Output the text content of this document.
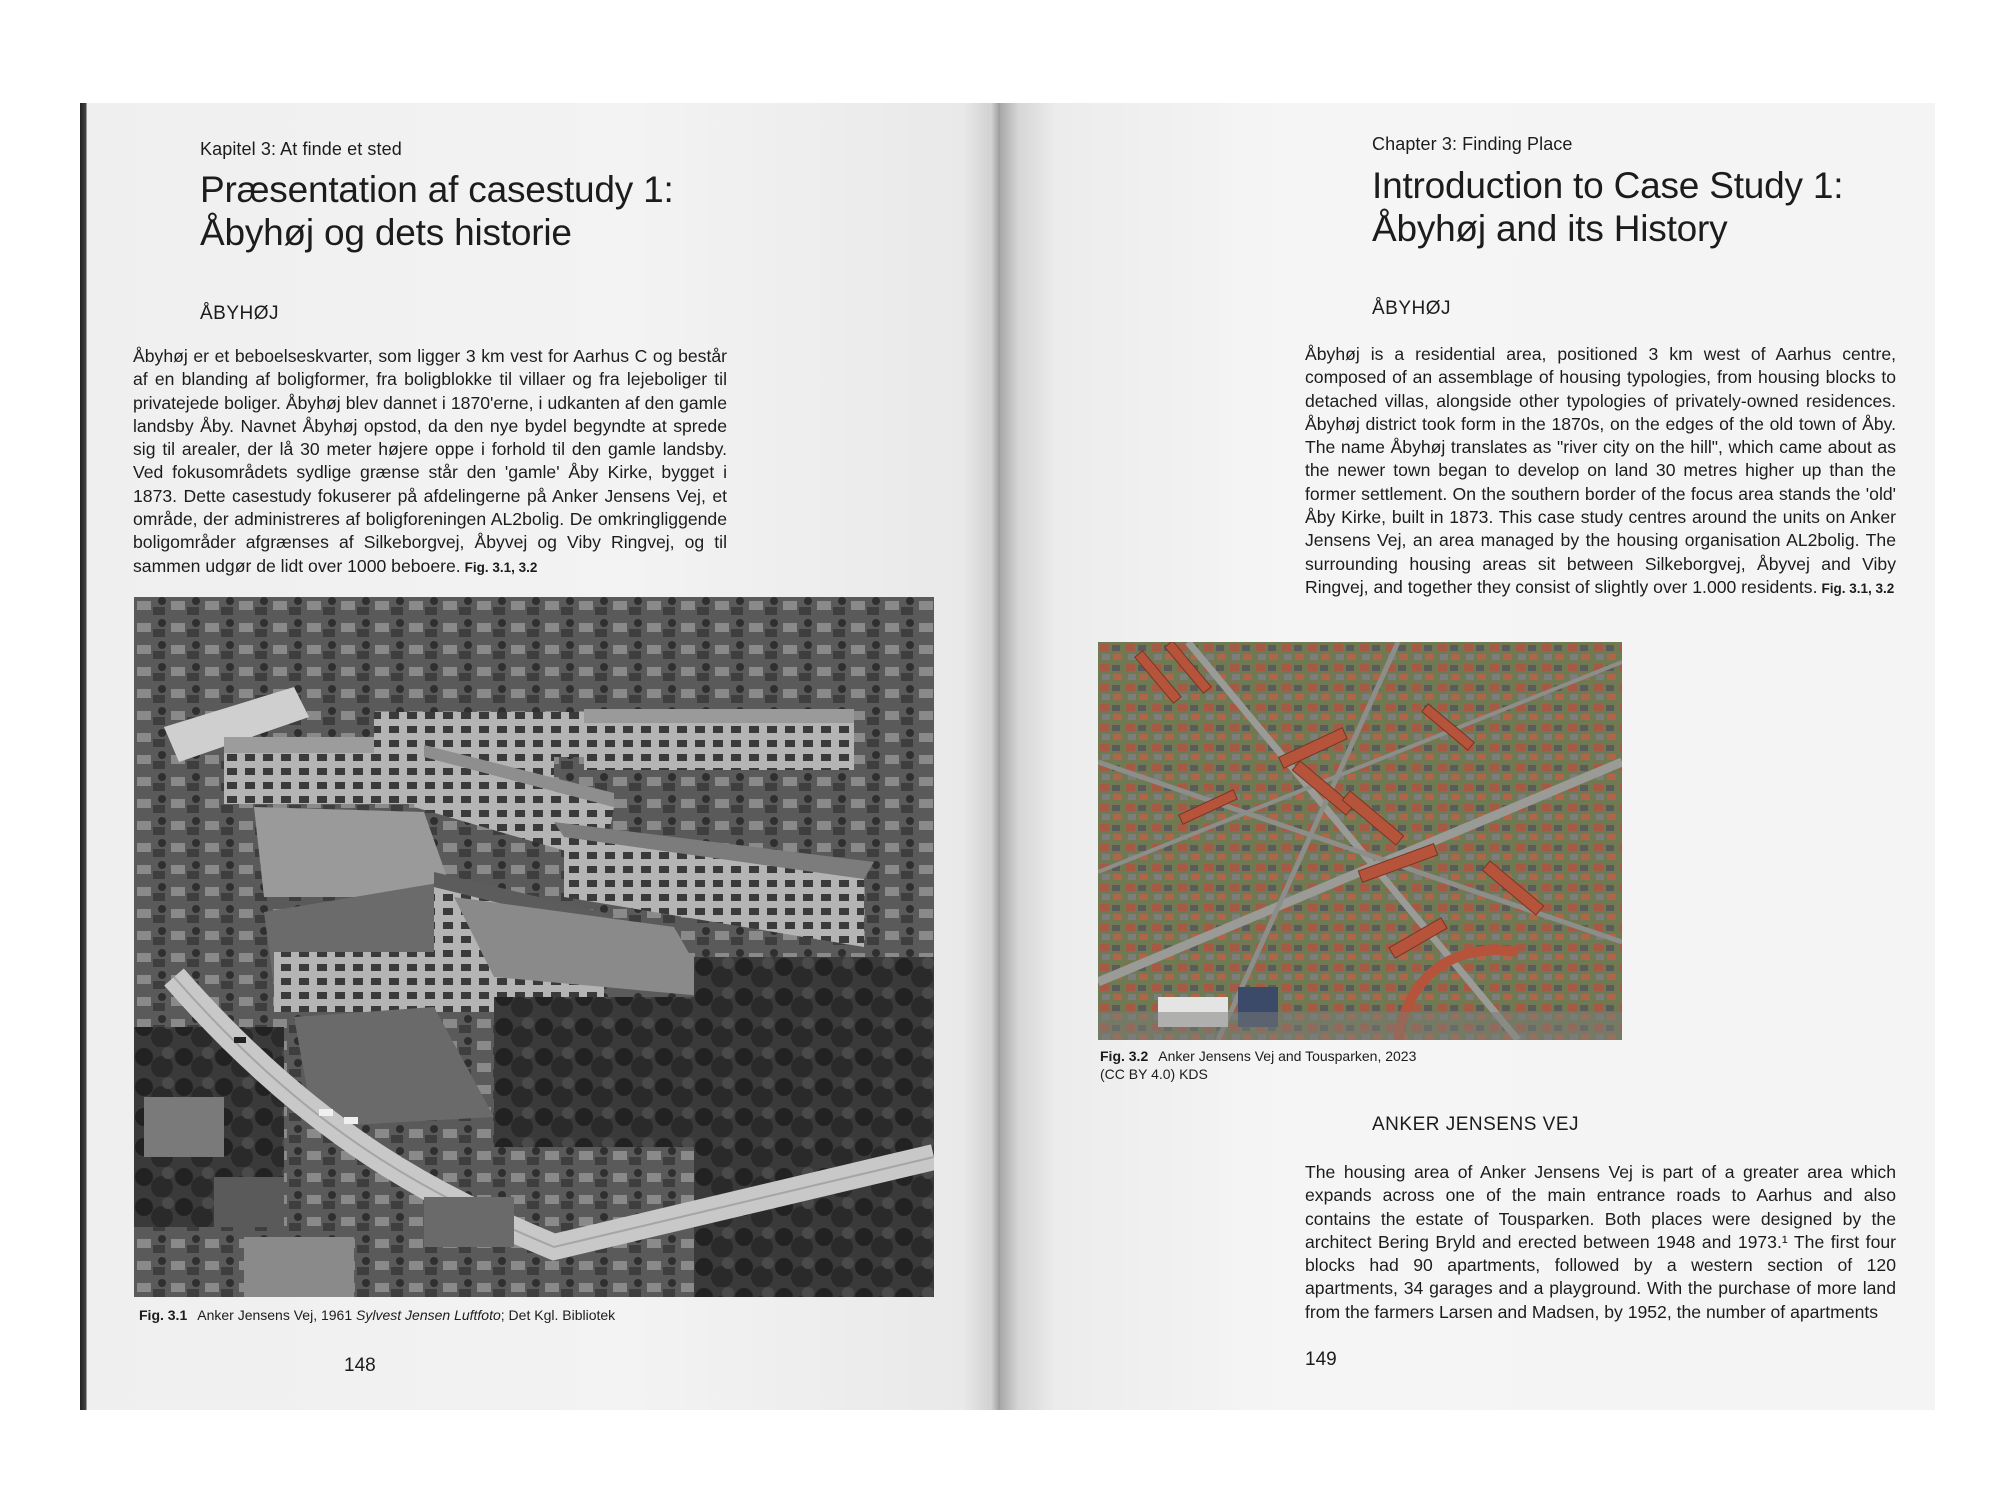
Kapitel 3: At finde et sted
Præsentation af casestudy 1:
Åbyhøj og dets historie
ÅBYHØJ

Åbyhøj er et beboelseskvarter, som ligger 3 km vest for Aarhus C og består af en blanding af boligformer, fra boligblokke til villaer og fra lejeboliger til privatejede boliger. Åbyhøj blev dannet i 1870'erne, i udkanten af den gamle landsby Åby. Navnet Åbyhøj opstod, da den nye bydel begyndte at sprede sig til arealer, der lå 30 meter højere oppe i forhold til den gamle landsby. Ved fokusområdets sydlige grænse står den 'gamle' Åby Kirke, bygget i 1873. Dette casestudy fokuserer på afdelingerne på Anker Jensens Vej, et område, der administreres af boligforeningen AL2bolig. De omkringliggende boligområder afgrænses af Silkeborgvej, Åbyvej og Viby Ringvej, og til sammen udgør de lidt over 1000 beboere. Fig. 3.1, 3.2

Fig. 3.1 Anker Jensens Vej, 1961 Sylvest Jensen Luftfoto; Det Kgl. Bibliotek
148
Chapter 3: Finding Place
Introduction to Case Study 1:
Åbyhøj and its History
ÅBYHØJ

Åbyhøj is a residential area, positioned 3 km west of Aarhus centre, composed of an assemblage of housing typologies, from housing blocks to detached villas, alongside other typologies of privately-owned residences. Åbyhøj district took form in the 1870s, on the edges of the old town of Åby. The name Åbyhøj translates as "river city on the hill", which came about as the newer town began to develop on land 30 metres higher up than the former settlement. On the southern border of the focus area stands the 'old' Åby Kirke, built in 1873. This case study centres around the units on Anker Jensens Vej, an area managed by the housing organisation AL2bolig. The surrounding housing areas sit between Silkeborgvej, Åbyvej and Viby Ringvej, and together they consist of slightly over 1.000 residents. Fig. 3.1, 3.2

Fig. 3.2 Anker Jensens Vej and Tousparken, 2023
(CC BY 4.0) KDS
ANKER JENSENS VEJ

The housing area of Anker Jensens Vej is part of a greater area which expands across one of the main entrance roads to Aarhus and also contains the estate of Tousparken. Both places were designed by the architect Bering Bryld and erected between 1948 and 1973.¹ The first four blocks had 90 apartments, followed by a western section of 120 apartments, 34 garages and a playground. With the purchase of more land from the farmers Larsen and Madsen, by 1952, the number of apartments

149
